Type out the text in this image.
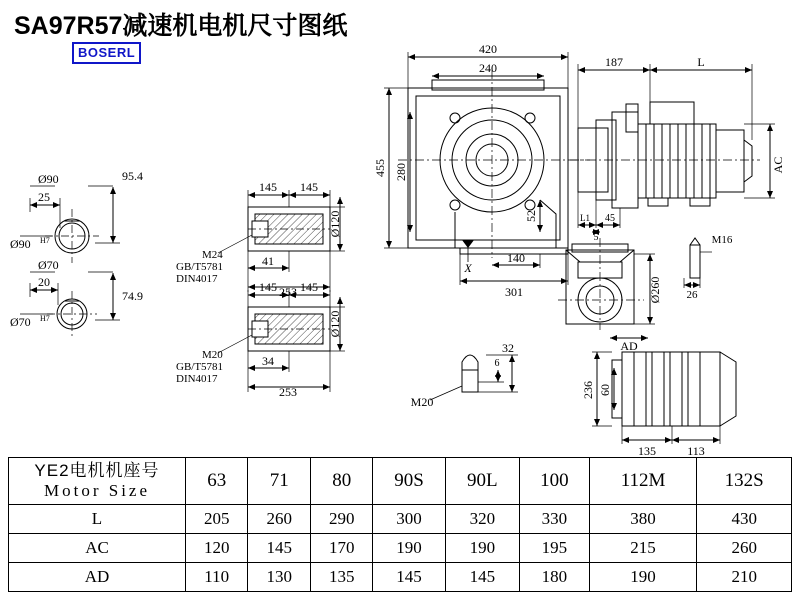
SA97R57减速机电机尺寸图纸
BOSERL	420
240	187	L
AC
455 280
52
140
301
X
L1 45
5	M16
26
Ø260
AD
236 60
135	113
32
6
M20
Ø90
25
95.4
Ø90 H7
Ø70
20
74.9
Ø70 H7
145 145
Ø120
M24
GB/T5781
DIN4017
41
253
145 145
Ø120
M20
GB/T5781
DIN4017
34
253
YE2电机机座号
Motor Size	63	71	80	90S	90L	100	112M	132S
L	205	260	290	300	320	330	380	430
AC	120	145	170	190	190	195	215	260
AD	110	130	135	145	145	180	190	210
